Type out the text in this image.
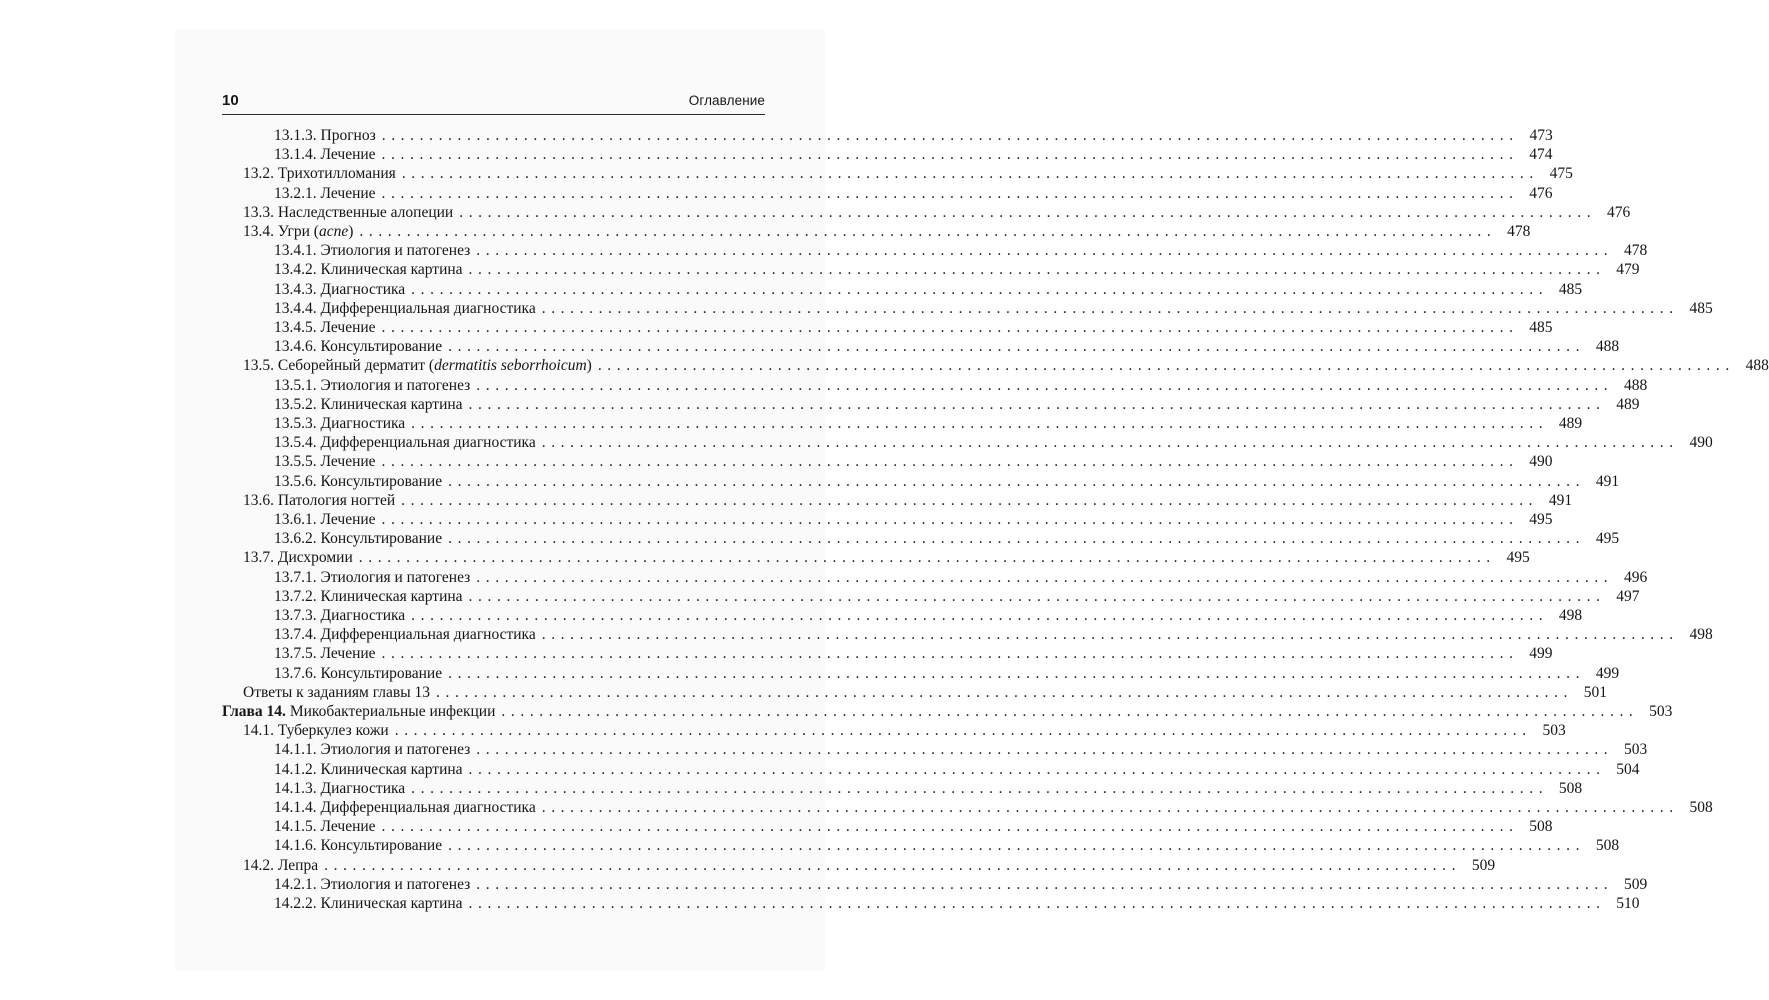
10	Оглавление
13.1.3. Прогноз ........................................................................................................................ 473
13.1.4. Лечение ........................................................................................................................ 474
13.2. Трихотилломания ........................................................................................................................ 475
13.2.1. Лечение ........................................................................................................................ 476
13.3. Наследственные алопеции ........................................................................................................................ 476
13.4. Угри (acne) ........................................................................................................................ 478
13.4.1. Этиология и патогенез ........................................................................................................................ 478
13.4.2. Клиническая картина ........................................................................................................................ 479
13.4.3. Диагностика ........................................................................................................................ 485
13.4.4. Дифференциальная диагностика ........................................................................................................................ 485
13.4.5. Лечение ........................................................................................................................ 485
13.4.6. Консультирование ........................................................................................................................ 488
13.5. Себорейный дерматит (dermatitis seborrhoicum) ........................................................................................................................ 488
13.5.1. Этиология и патогенез ........................................................................................................................ 488
13.5.2. Клиническая картина ........................................................................................................................ 489
13.5.3. Диагностика ........................................................................................................................ 489
13.5.4. Дифференциальная диагностика ........................................................................................................................ 490
13.5.5. Лечение ........................................................................................................................ 490
13.5.6. Консультирование ........................................................................................................................ 491
13.6. Патология ногтей ........................................................................................................................ 491
13.6.1. Лечение ........................................................................................................................ 495
13.6.2. Консультирование ........................................................................................................................ 495
13.7. Дисхромии ........................................................................................................................ 495
13.7.1. Этиология и патогенез ........................................................................................................................ 496
13.7.2. Клиническая картина ........................................................................................................................ 497
13.7.3. Диагностика ........................................................................................................................ 498
13.7.4. Дифференциальная диагностика ........................................................................................................................ 498
13.7.5. Лечение ........................................................................................................................ 499
13.7.6. Консультирование ........................................................................................................................ 499
Ответы к заданиям главы 13 ........................................................................................................................ 501
Глава 14. Микобактериальные инфекции ........................................................................................................................ 503
14.1. Туберкулез кожи ........................................................................................................................ 503
14.1.1. Этиология и патогенез ........................................................................................................................ 503
14.1.2. Клиническая картина ........................................................................................................................ 504
14.1.3. Диагностика ........................................................................................................................ 508
14.1.4. Дифференциальная диагностика ........................................................................................................................ 508
14.1.5. Лечение ........................................................................................................................ 508
14.1.6. Консультирование ........................................................................................................................ 508
14.2. Лепра ........................................................................................................................ 509
14.2.1. Этиология и патогенез ........................................................................................................................ 509
14.2.2. Клиническая картина ........................................................................................................................ 510
